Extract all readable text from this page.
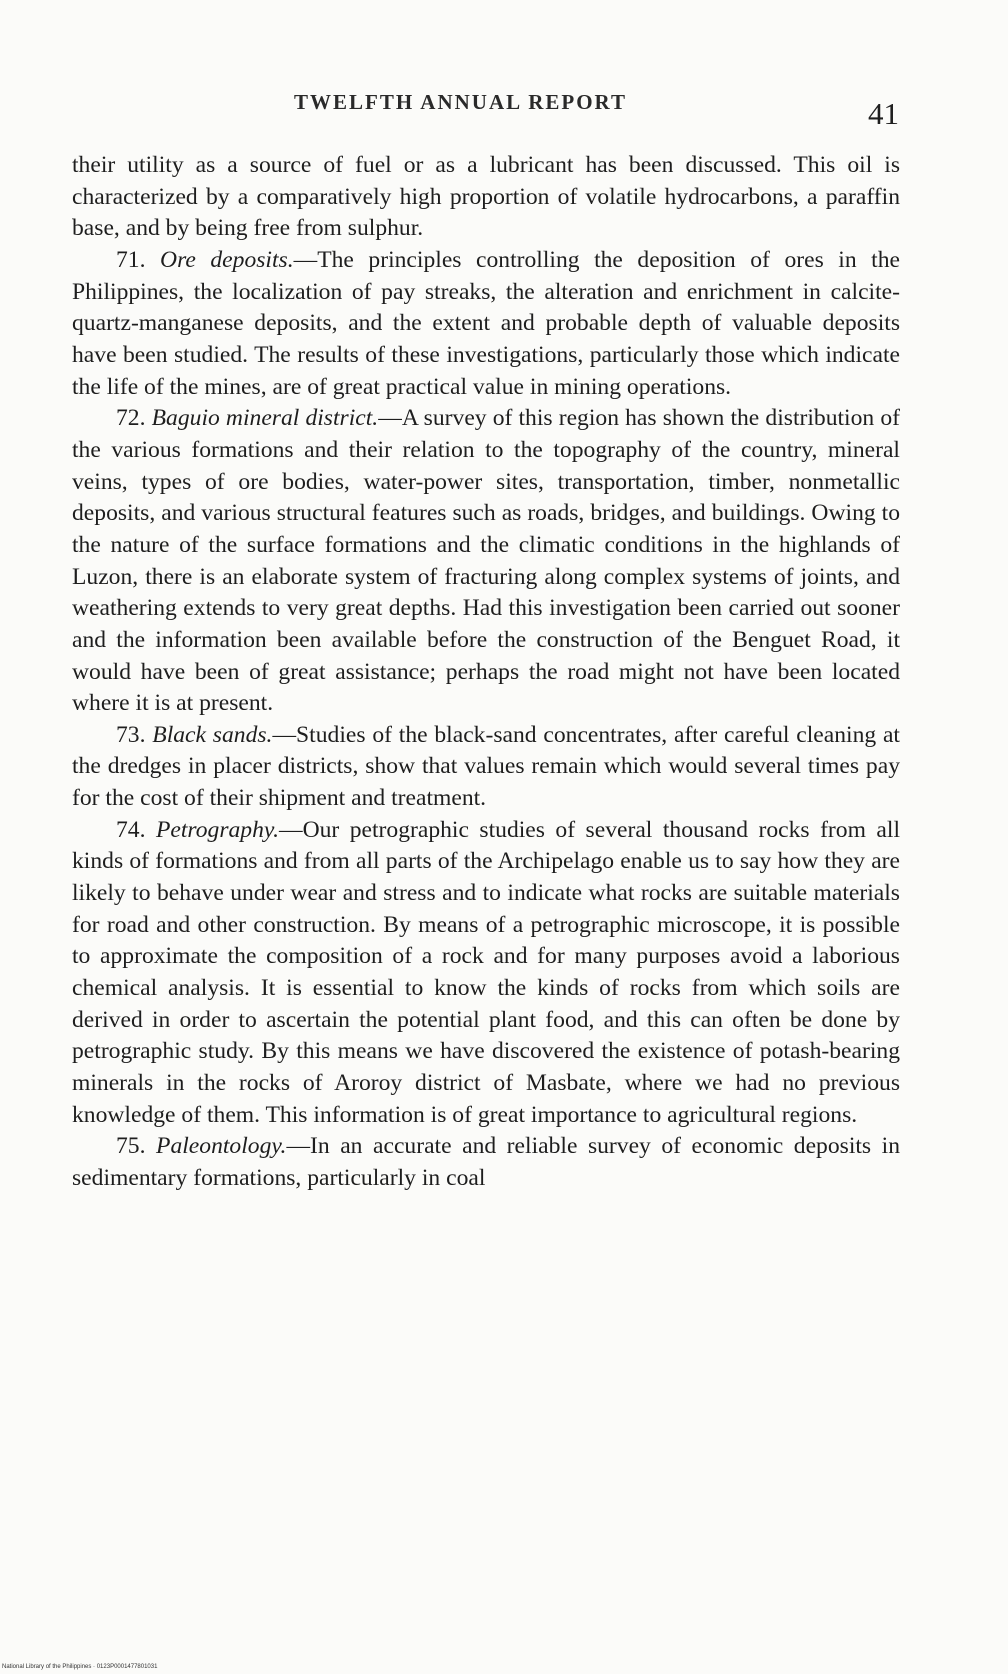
TWELFTH ANNUAL REPORT	41

their utility as a source of fuel or as a lubricant has been discussed. This oil is characterized by a comparatively high proportion of volatile hydrocarbons, a paraffin base, and by being free from sulphur.

71. Ore deposits.—The principles controlling the deposition of ores in the Philippines, the localization of pay streaks, the alteration and enrichment in calcite-quartz-manganese deposits, and the extent and probable depth of valuable deposits have been studied. The results of these investigations, particularly those which indicate the life of the mines, are of great practical value in mining operations.

72. Baguio mineral district.—A survey of this region has shown the distribution of the various formations and their relation to the topography of the country, mineral veins, types of ore bodies, water-power sites, transportation, timber, nonmetallic deposits, and various structural features such as roads, bridges, and buildings. Owing to the nature of the surface formations and the climatic conditions in the highlands of Luzon, there is an elaborate system of fracturing along complex systems of joints, and weathering extends to very great depths. Had this investigation been carried out sooner and the information been available before the construction of the Benguet Road, it would have been of great assistance; perhaps the road might not have been located where it is at present.

73. Black sands.—Studies of the black-sand concentrates, after careful cleaning at the dredges in placer districts, show that values remain which would several times pay for the cost of their shipment and treatment.

74. Petrography.—Our petrographic studies of several thousand rocks from all kinds of formations and from all parts of the Archipelago enable us to say how they are likely to behave under wear and stress and to indicate what rocks are suitable materials for road and other construction. By means of a petrographic microscope, it is possible to approximate the composition of a rock and for many purposes avoid a laborious chemical analysis. It is essential to know the kinds of rocks from which soils are derived in order to ascertain the potential plant food, and this can often be done by petrographic study. By this means we have discovered the existence of potash-bearing minerals in the rocks of Aroroy district of Masbate, where we had no previous knowledge of them. This information is of great importance to agricultural regions.

75. Paleontology.—In an accurate and reliable survey of economic deposits in sedimentary formations, particularly in coal

National Library of the Philippines · 0123P0001477801031
